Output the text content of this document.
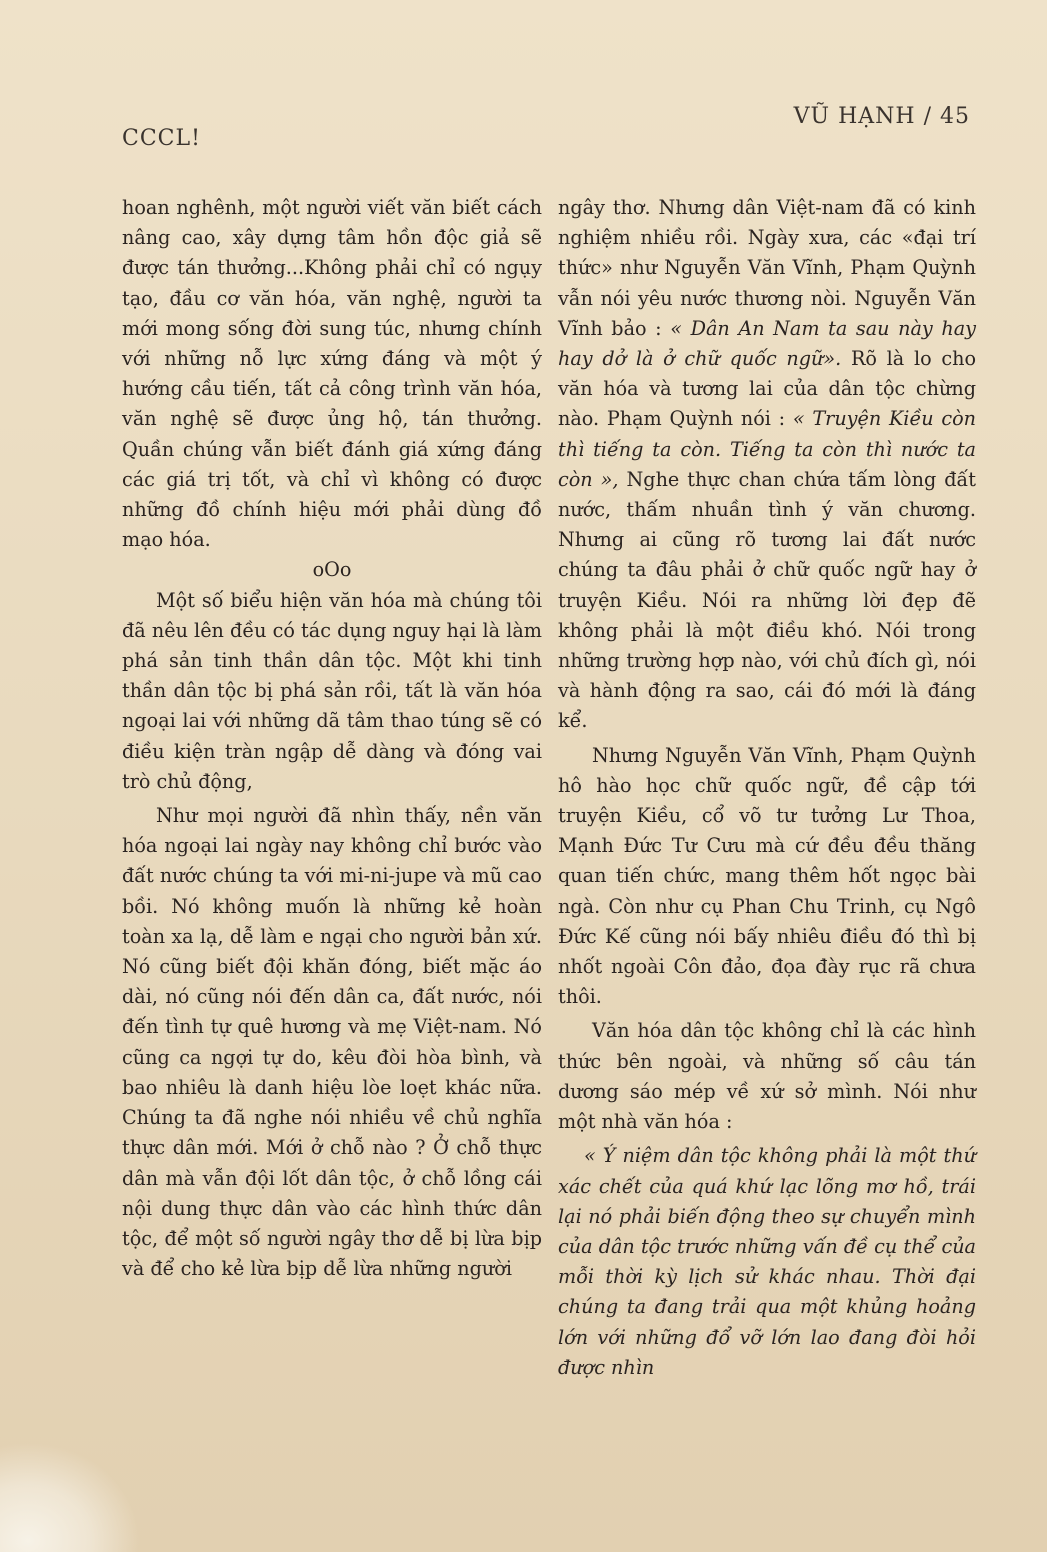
CCCL!
VŨ HẠNH / 45

hoan nghênh, một người viết văn biết cách nâng cao, xây dựng tâm hồn độc giả sẽ được tán thưởng...Không phải chỉ có ngụy tạo, đầu cơ văn hóa, văn nghệ, người ta mới mong sống đời sung túc, nhưng chính với những nỗ lực xứng đáng và một ý hướng cầu tiến, tất cả công trình văn hóa, văn nghệ sẽ được ủng hộ, tán thưởng. Quần chúng vẫn biết đánh giá xứng đáng các giá trị tốt, và chỉ vì không có được những đồ chính hiệu mới phải dùng đồ mạo hóa.

oOo

Một số biểu hiện văn hóa mà chúng tôi đã nêu lên đều có tác dụng nguy hại là làm phá sản tinh thần dân tộc. Một khi tinh thần dân tộc bị phá sản rồi, tất là văn hóa ngoại lai với những dã tâm thao túng sẽ có điều kiện tràn ngập dễ dàng và đóng vai trò chủ động,

Như mọi người đã nhìn thấy, nền văn hóa ngoại lai ngày nay không chỉ bước vào đất nước chúng ta với mi-ni-jupe và mũ cao bồi. Nó không muốn là những kẻ hoàn toàn xa lạ, dễ làm e ngại cho người bản xứ. Nó cũng biết đội khăn đóng, biết mặc áo dài, nó cũng nói đến dân ca, đất nước, nói đến tình tự quê hương và mẹ Việt-nam. Nó cũng ca ngợi tự do, kêu đòi hòa bình, và bao nhiêu là danh hiệu lòe loẹt khác nữa. Chúng ta đã nghe nói nhiều về chủ nghĩa thực dân mới. Mới ở chỗ nào ? Ở chỗ thực dân mà vẫn đội lốt dân tộc, ở chỗ lồng cái nội dung thực dân vào các hình thức dân tộc, để một số người ngây thơ dễ bị lừa bịp và để cho kẻ lừa bịp dễ lừa những người

ngây thơ. Nhưng dân Việt-nam đã có kinh nghiệm nhiều rồi. Ngày xưa, các «đại trí thức» như Nguyễn Văn Vĩnh, Phạm Quỳnh vẫn nói yêu nước thương nòi. Nguyễn Văn Vĩnh bảo : « Dân An Nam ta sau này hay hay dở là ở chữ quốc ngữ». Rõ là lo cho văn hóa và tương lai của dân tộc chừng nào. Phạm Quỳnh nói : « Truyện Kiều còn thì tiếng ta còn. Tiếng ta còn thì nước ta còn », Nghe thực chan chứa tấm lòng đất nước, thấm nhuần tình ý văn chương. Nhưng ai cũng rõ tương lai đất nước chúng ta đâu phải ở chữ quốc ngữ hay ở truyện Kiều. Nói ra những lời đẹp đẽ không phải là một điều khó. Nói trong những trường hợp nào, với chủ đích gì, nói và hành động ra sao, cái đó mới là đáng kể.

Nhưng Nguyễn Văn Vĩnh, Phạm Quỳnh hô hào học chữ quốc ngữ, đề cập tới truyện Kiều, cổ võ tư tưởng Lư Thoa, Mạnh Đức Tư Cưu mà cứ đều đều thăng quan tiến chức, mang thêm hốt ngọc bài ngà. Còn như cụ Phan Chu Trinh, cụ Ngô Đức Kế cũng nói bấy nhiêu điều đó thì bị nhốt ngoài Côn đảo, đọa đày rục rã chưa thôi.

Văn hóa dân tộc không chỉ là các hình thức bên ngoài, và những số câu tán dương sáo mép về xứ sở mình. Nói như một nhà văn hóa :

« Ý niệm dân tộc không phải là một thứ xác chết của quá khứ lạc lõng mơ hồ, trái lại nó phải biến động theo sự chuyển mình của dân tộc trước những vấn đề cụ thể của mỗi thời kỳ lịch sử khác nhau. Thời đại chúng ta đang trải qua một khủng hoảng lớn với những đổ vỡ lớn lao đang đòi hỏi được nhìn
